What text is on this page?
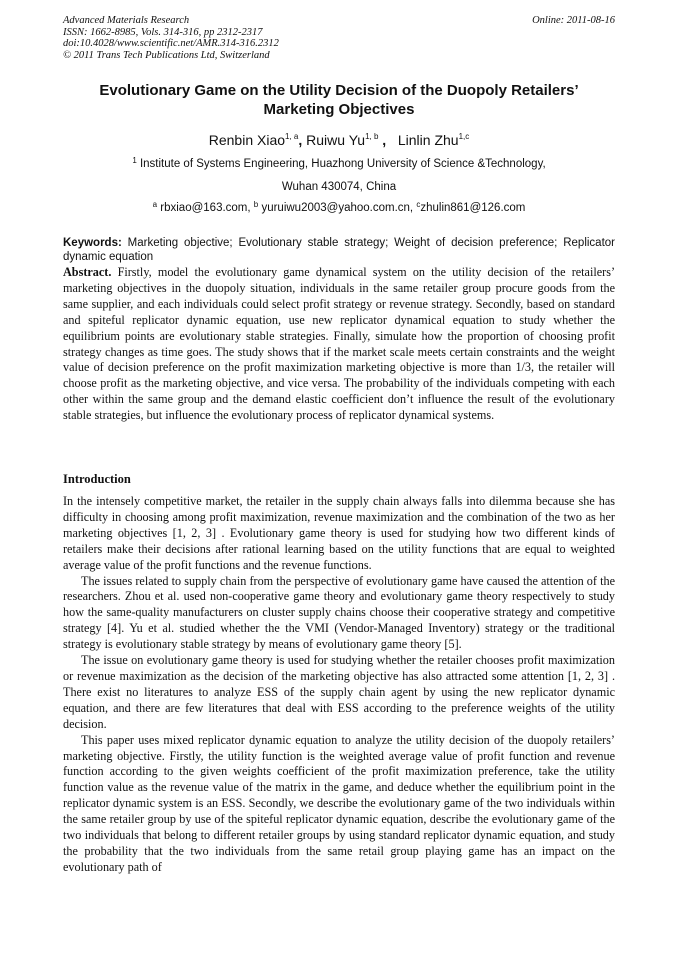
Advanced Materials Research
ISSN: 1662-8985, Vols. 314-316, pp 2312-2317
doi:10.4028/www.scientific.net/AMR.314-316.2312
© 2011 Trans Tech Publications Ltd, Switzerland
Online: 2011-08-16
Evolutionary Game on the Utility Decision of the Duopoly Retailers’
Marketing Objectives
Renbin Xiao$^{1, a}$, Ruiwu Yu$^{1, b}$ , Linlin Zhu$^{1,c}$
$^1$ Institute of Systems Engineering, Huazhong University of Science &Technology,
Wuhan 430074, China
$^a$ rbxiao@163.com, $^b$ yuruiwu2003@yahoo.com.cn, $^c$zhulin861@126.com
Keywords: Marketing objective; Evolutionary stable strategy; Weight of decision preference; Replicator dynamic equation
Abstract. Firstly, model the evolutionary game dynamical system on the utility decision of the retailers’ marketing objectives in the duopoly situation, individuals in the same retailer group procure goods from the same supplier, and each individuals could select profit strategy or revenue strategy. Secondly, based on standard and spiteful replicator dynamic equation, use new replicator dynamical equation to study whether the equilibrium points are evolutionary stable strategies. Finally, simulate how the proportion of choosing profit strategy changes as time goes. The study shows that if the market scale meets certain constraints and the weight value of decision preference on the profit maximization marketing objective is more than 1/3, the retailer will choose profit as the marketing objective, and vice versa. The probability of the individuals competing with each other within the same group and the demand elastic coefficient don’t influence the result of the evolutionary stable strategies, but influence the evolutionary process of replicator dynamical systems.
Introduction

In the intensely competitive market, the retailer in the supply chain always falls into dilemma because she has difficulty in choosing among profit maximization, revenue maximization and the combination of the two as her marketing objectives [1, 2, 3] . Evolutionary game theory is used for studying how two different kinds of retailers make their decisions after rational learning based on the utility functions that are equal to weighted average value of the profit functions and the revenue functions.

The issues related to supply chain from the perspective of evolutionary game have caused the attention of the researchers. Zhou et al. used non-cooperative game theory and evolutionary game theory respectively to study how the same-quality manufacturers on cluster supply chains choose their cooperative strategy and competitive strategy [4]. Yu et al. studied whether the the VMI (Vendor-Managed Inventory) strategy or the traditional strategy is evolutionary stable strategy by means of evolutionary game theory [5].

The issue on evolutionary game theory is used for studying whether the retailer chooses profit maximization or revenue maximization as the decision of the marketing objective has also attracted some attention [1, 2, 3] . There exist no literatures to analyze ESS of the supply chain agent by using the new replicator dynamic equation, and there are few literatures that deal with ESS according to the preference weights of the utility decision.

This paper uses mixed replicator dynamic equation to analyze the utility decision of the duopoly retailers’ marketing objective. Firstly, the utility function is the weighted average value of profit function and revenue function according to the given weights coefficient of the profit maximization preference, take the utility function value as the revenue value of the matrix in the game, and deduce whether the equilibrium point in the replicator dynamic system is an ESS. Secondly, we describe the evolutionary game of the two individuals within the same retailer group by use of the spiteful replicator dynamic equation, describe the evolutionary game of the two individuals that belong to different retailer groups by using standard replicator dynamic equation, and study the probability that the two individuals from the same retail group playing game has an impact on the evolutionary path of
